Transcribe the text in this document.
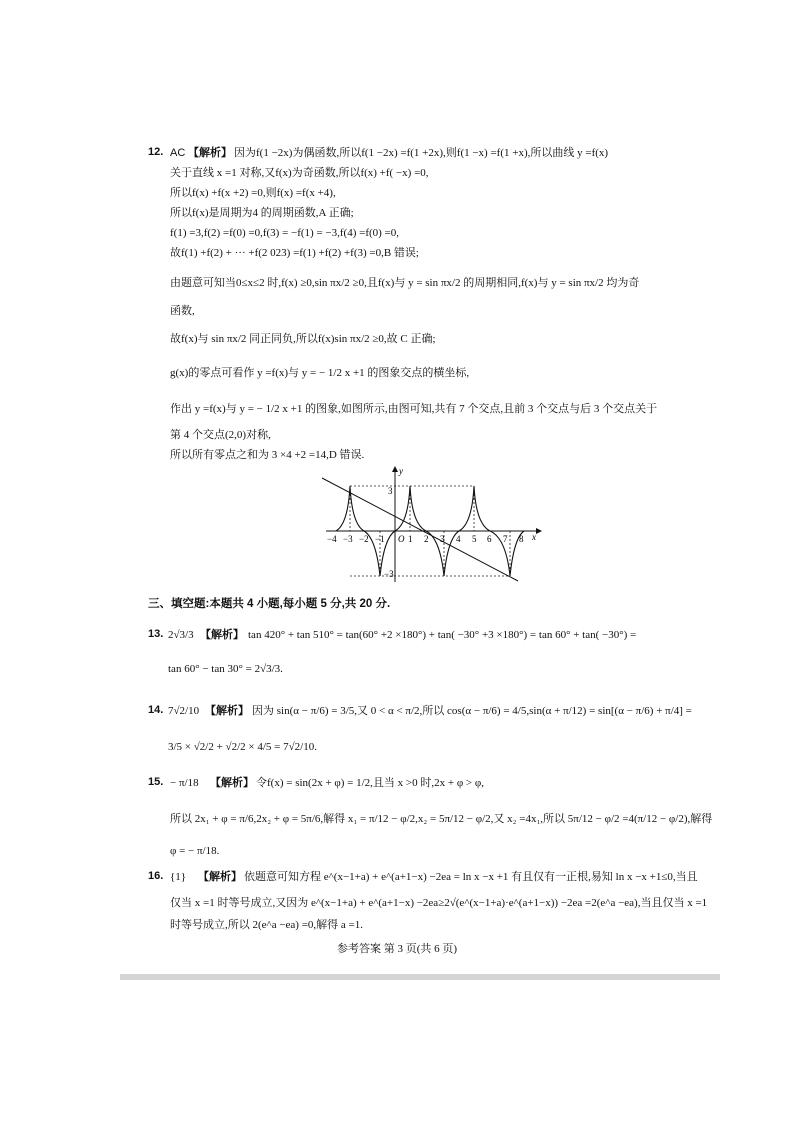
12. AC 【解析】 因为f(1 −2x)为偶函数,所以f(1 −2x) =f(1 +2x),则f(1 −x) =f(1 +x),所以曲线 y =f(x)
关于直线 x =1 对称,又f(x)为奇函数,所以f(x) +f( −x) =0,
所以f(x) +f(x +2) =0,则f(x) =f(x +4),
所以f(x)是周期为4 的周期函数,A 正确;
f(1) =3,f(2) =f(0) =0,f(3) = −f(1) = −3,f(4) =f(0) =0,
故f(1) +f(2) + ··· +f(2 023) =f(1) +f(2) +f(3) =0,B 错误;
由题意可知当0≤x≤2 时,f(x) ≥0,sin πx/2 ≥0,且f(x)与 y = sin πx/2 的周期相同,f(x)与 y = sin πx/2 均为奇
函数,
故f(x)与 sin πx/2 同正同负,所以f(x)sin πx/2 ≥0,故 C 正确;
g(x)的零点可看作 y =f(x)与 y = − 1/2 x +1 的图象交点的横坐标,
作出 y =f(x)与 y = − 1/2 x +1 的图象,如图所示,由图可知,共有 7 个交点,且前 3 个交点与后 3 个交点关于
第 4 个交点(2,0)对称,
所以所有零点之和为 3 ×4 +2 =14,D 错误.
x
y
3
−3
O
−4 −3 −2 −1	1 2 3 4 5 6 7 8
三、填空题:本题共 4 小题,每小题 5 分,共 20 分.
13. 2√3/3 【解析】 tan 420° + tan 510° = tan(60° +2 ×180°) + tan( −30° +3 ×180°) = tan 60° + tan( −30°) =
tan 60° − tan 30° = 2√3/3.
14. 7√2/10 【解析】 因为 sin(α − π/6) = 3/5,又 0 < α < π/2,所以 cos(α − π/6) = 4/5,sin(α + π/12) = sin[(α − π/6) + π/4] =
3/5 × √2/2 + √2/2 × 4/5 = 7√2/10.
15. − π/18 【解析】 令f(x) = sin(2x + φ) = 1/2,且当 x >0 时,2x + φ > φ,
所以 2x₁ + φ = π/6,2x₂ + φ = 5π/6,解得 x₁ = π/12 − φ/2,x₂ = 5π/12 − φ/2,又 x₂ =4x₁,所以 5π/12 − φ/2 =4(π/12 − φ/2),解得
φ = − π/18.
16. {1} 【解析】 依题意可知方程 e^(x−1+a) + e^(a+1−x) −2ea = ln x −x +1 有且仅有一正根,易知 ln x −x +1≤0,当且
仅当 x =1 时等号成立,又因为 e^(x−1+a) + e^(a+1−x) −2ea≥2√(e^(x−1+a)·e^(a+1−x)) −2ea =2(e^a −ea),当且仅当 x =1
时等号成立,所以 2(e^a −ea) =0,解得 a =1.
参考答案 第 3 页(共 6 页)
